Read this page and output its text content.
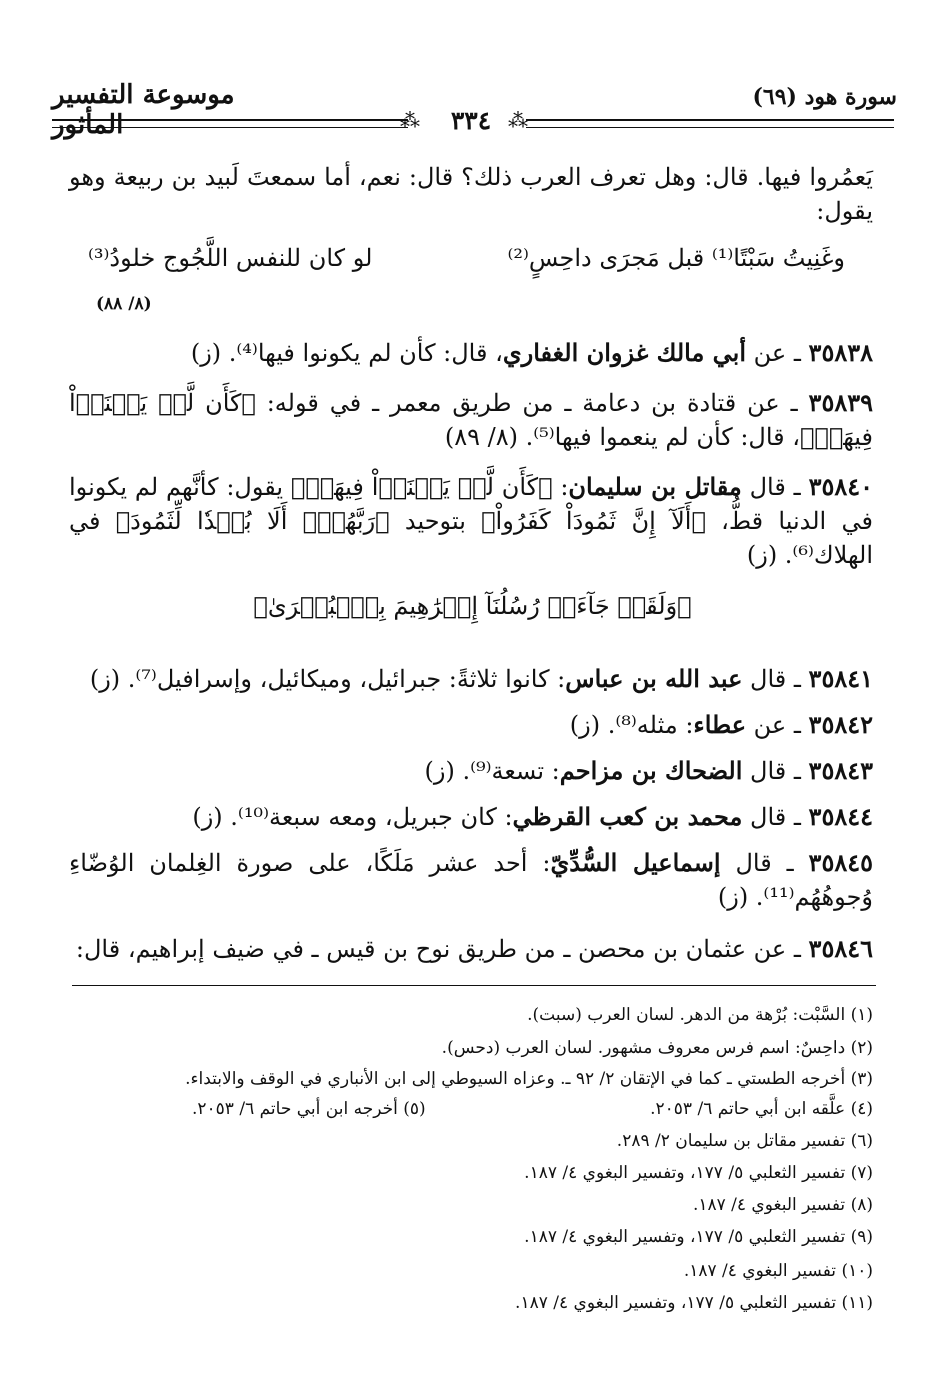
موسوعة التفسير المأثور	⁂	٣٣٤ ⁂
سورة هود (٦٩)
يَعمُروا فيها. قال: وهل تعرف العرب ذلك؟ قال: نعم، أما سمعتَ لَبيد بن ربيعة وهو يقول:
وغَنِيتُ سَبْتًا⁽¹⁾ قبل مَجرَى داحِسٍ⁽²⁾
لو كان للنفس اللَّجُوج خلودُ⁽³⁾
(٨/ ٨٨)
٣٥٨٣٨ ـ عن أبي مالك غزوان الغفاري، قال: كأن لم يكونوا فيها⁽⁴⁾. (ز)
٣٥٨٣٩ ـ عن قتادة بن دعامة ـ من طريق معمر ـ في قوله: ﴿كَأَن لَّمۡ يَغۡنَوۡاْ فِيهَآۗ﴾، قال: كأن لم ينعموا فيها⁽⁵⁾. (٨/ ٨٩)
٣٥٨٤٠ ـ قال مقاتل بن سليمان: ﴿كَأَن لَّمۡ يَغۡنَوۡاْ فِيهَآۗ﴾ يقول: كأنَّهم لم يكونوا في الدنيا قطُّ، ﴿أَلَآ إِنَّ ثَمُودَاْ كَفَرُواْ﴾ بتوحيد ﴿رَبَّهُمۡۗ أَلَا بُعۡدٗا لِّثَمُودَ﴾ في الهلاك⁽⁶⁾. (ز)
﴿وَلَقَدۡ جَآءَتۡ رُسُلُنَآ إِبۡرَٰهِيمَ بِٱلۡبُشۡرَىٰ﴾
٣٥٨٤١ ـ قال عبد الله بن عباس: كانوا ثلاثةً: جبرائيل، وميكائيل، وإسرافيل⁽⁷⁾. (ز)
٣٥٨٤٢ ـ عن عطاء: مثله⁽⁸⁾. (ز)
٣٥٨٤٣ ـ قال الضحاك بن مزاحم: تسعة⁽⁹⁾. (ز)
٣٥٨٤٤ ـ قال محمد بن كعب القرظي: كان جبريل، ومعه سبعة⁽¹⁰⁾. (ز)
٣٥٨٤٥ ـ قال إسماعيل السُّدِّيّ: أحد عشر مَلَكًا، على صورة الغِلمان الوُضّاءِ وُجوهُهُم⁽¹¹⁾. (ز)
٣٥٨٤٦ ـ عن عثمان بن محصن ـ من طريق نوح بن قيس ـ في ضيف إبراهيم، قال:
(١) السَّبْت: بُرْهة من الدهر. لسان العرب (سبت).
(٢) داحِسٌ: اسم فرس معروف مشهور. لسان العرب (دحس).
(٣) أخرجه الطستي ـ كما في الإتقان ٢/ ٩٢ ـ. وعزاه السيوطي إلى ابن الأنباري في الوقف والابتداء.
(٤) علَّقه ابن أبي حاتم ٦/ ٢٠٥٣.
(٥) أخرجه ابن أبي حاتم ٦/ ٢٠٥٣.
(٦) تفسير مقاتل بن سليمان ٢/ ٢٨٩.
(٧) تفسير الثعلبي ٥/ ١٧٧، وتفسير البغوي ٤/ ١٨٧.
(٨) تفسير البغوي ٤/ ١٨٧.
(٩) تفسير الثعلبي ٥/ ١٧٧، وتفسير البغوي ٤/ ١٨٧.
(١٠) تفسير البغوي ٤/ ١٨٧.
(١١) تفسير الثعلبي ٥/ ١٧٧، وتفسير البغوي ٤/ ١٨٧.
